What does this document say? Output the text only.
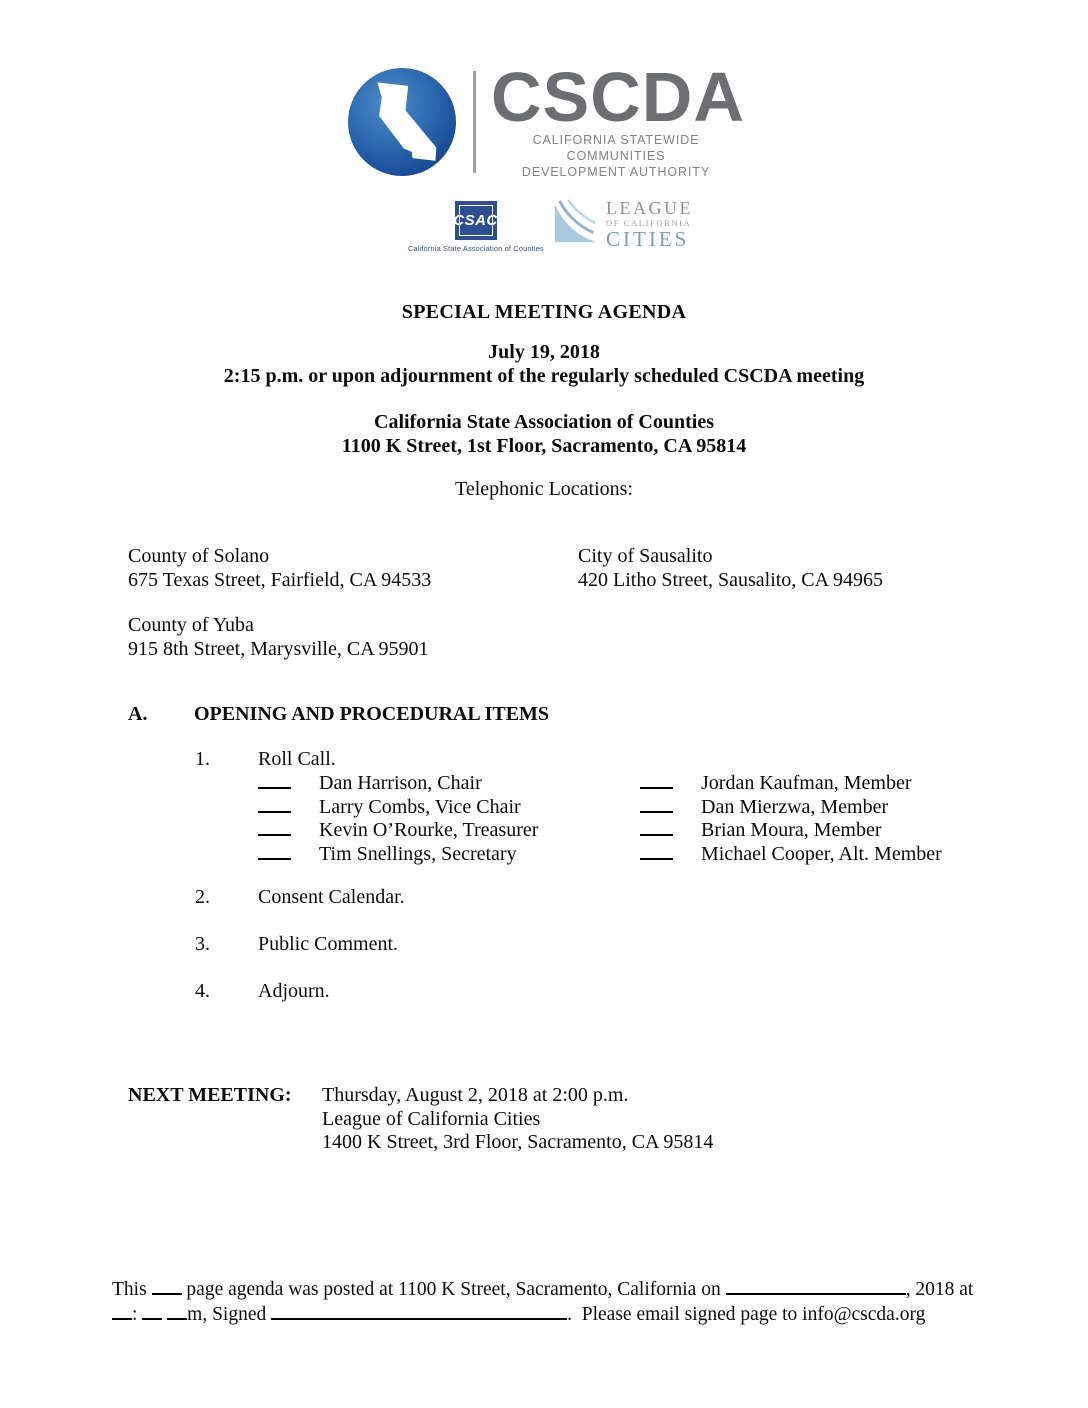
CSCDA
CALIFORNIA STATEWIDE COMMUNITIES
DEVELOPMENT AUTHORITY
CSAC
California State Association of Counties
LEAGUE
OF CALIFORNIA
CITIES
SPECIAL MEETING AGENDA
July 19, 2018
2:15 p.m. or upon adjournment of the regularly scheduled CSCDA meeting
California State Association of Counties
1100 K Street, 1st Floor, Sacramento, CA 95814
Telephonic Locations:
County of Solano
675 Texas Street, Fairfield, CA 94533
City of Sausalito
420 Litho Street, Sausalito, CA 94965
County of Yuba
915 8th Street, Marysville, CA 95901
A.	OPENING AND PROCEDURAL ITEMS
1.	Roll Call.
Dan Harrison, Chair
Larry Combs, Vice Chair
Kevin O’Rourke, Treasurer
Tim Snellings, Secretary
Jordan Kaufman, Member
Dan Mierzwa, Member
Brian Moura, Member
Michael Cooper, Alt. Member
2.	Consent Calendar.
3.	Public Comment.
4.	Adjourn.
NEXT MEETING:	Thursday, August 2, 2018 at 2:00 p.m.
League of California Cities
1400 K Street, 3rd Floor, Sacramento, CA 95814
This page agenda was posted at 1100 K Street, Sacramento, California on	, 2018 at
:	m, Signed	. Please email signed page to info@cscda.org
